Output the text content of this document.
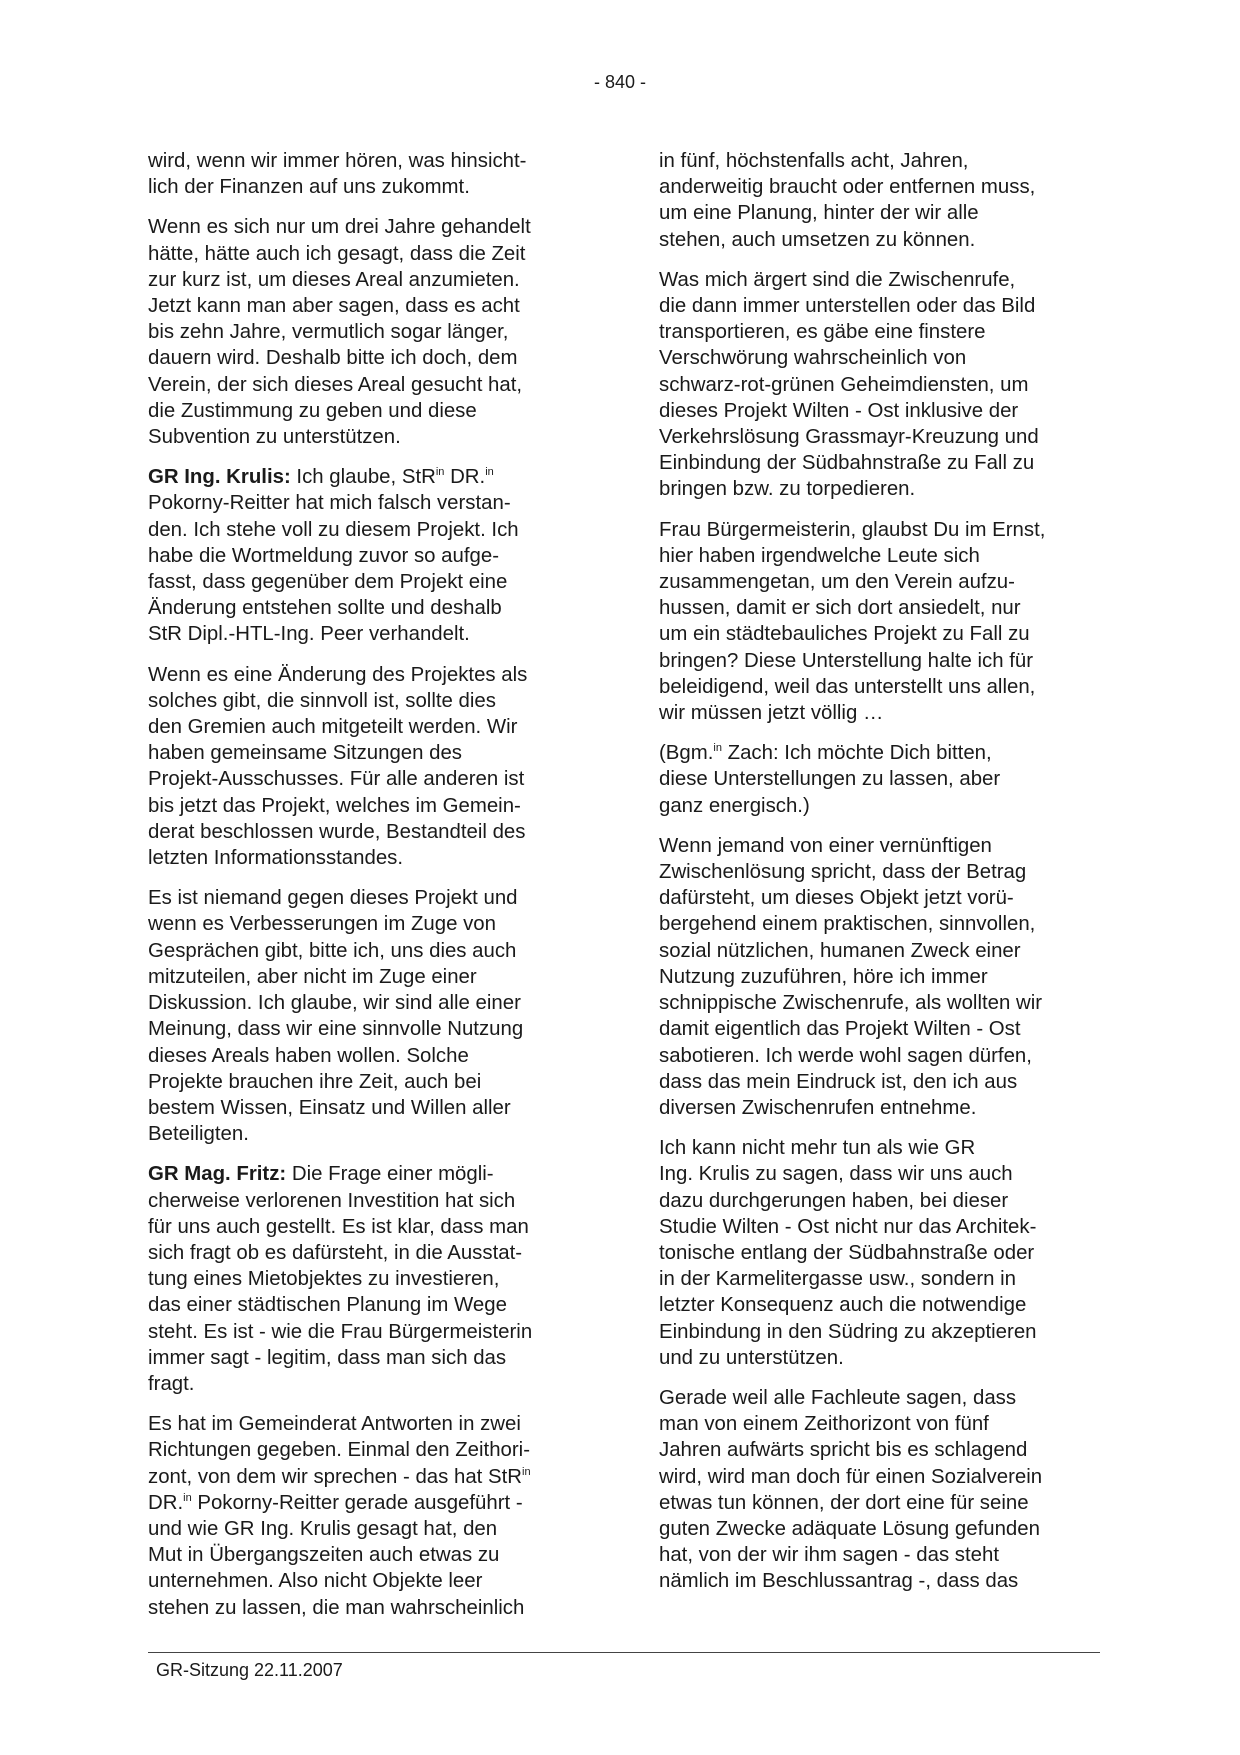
- 840 -
wird, wenn wir immer hören, was hinsicht-
lich der Finanzen auf uns zukommt.
Wenn es sich nur um drei Jahre gehandelt
hätte, hätte auch ich gesagt, dass die Zeit
zur kurz ist, um dieses Areal anzumieten.
Jetzt kann man aber sagen, dass es acht
bis zehn Jahre, vermutlich sogar länger,
dauern wird. Deshalb bitte ich doch, dem
Verein, der sich dieses Areal gesucht hat,
die Zustimmung zu geben und diese
Subvention zu unterstützen.
GR Ing. Krulis: Ich glaube, StR$^{in}$ DR.$^{in}$
Pokorny-Reitter hat mich falsch verstan-
den. Ich stehe voll zu diesem Projekt. Ich
habe die Wortmeldung zuvor so aufge-
fasst, dass gegenüber dem Projekt eine
Änderung entstehen sollte und deshalb
StR Dipl.-HTL-Ing. Peer verhandelt.
Wenn es eine Änderung des Projektes als
solches gibt, die sinnvoll ist, sollte dies
den Gremien auch mitgeteilt werden. Wir
haben gemeinsame Sitzungen des
Projekt-Ausschusses. Für alle anderen ist
bis jetzt das Projekt, welches im Gemein-
derat beschlossen wurde, Bestandteil des
letzten Informationsstandes.
Es ist niemand gegen dieses Projekt und
wenn es Verbesserungen im Zuge von
Gesprächen gibt, bitte ich, uns dies auch
mitzuteilen, aber nicht im Zuge einer
Diskussion. Ich glaube, wir sind alle einer
Meinung, dass wir eine sinnvolle Nutzung
dieses Areals haben wollen. Solche
Projekte brauchen ihre Zeit, auch bei
bestem Wissen, Einsatz und Willen aller
Beteiligten.
GR Mag. Fritz: Die Frage einer mögli-
cherweise verlorenen Investition hat sich
für uns auch gestellt. Es ist klar, dass man
sich fragt ob es dafürsteht, in die Ausstat-
tung eines Mietobjektes zu investieren,
das einer städtischen Planung im Wege
steht. Es ist - wie die Frau Bürgermeisterin
immer sagt - legitim, dass man sich das
fragt.
Es hat im Gemeinderat Antworten in zwei
Richtungen gegeben. Einmal den Zeithori-
zont, von dem wir sprechen - das hat StR$^{in}$
DR.$^{in}$ Pokorny-Reitter gerade ausgeführt -
und wie GR Ing. Krulis gesagt hat, den
Mut in Übergangszeiten auch etwas zu
unternehmen. Also nicht Objekte leer
stehen zu lassen, die man wahrscheinlich
in fünf, höchstenfalls acht, Jahren,
anderweitig braucht oder entfernen muss,
um eine Planung, hinter der wir alle
stehen, auch umsetzen zu können.
Was mich ärgert sind die Zwischenrufe,
die dann immer unterstellen oder das Bild
transportieren, es gäbe eine finstere
Verschwörung wahrscheinlich von
schwarz-rot-grünen Geheimdiensten, um
dieses Projekt Wilten - Ost inklusive der
Verkehrslösung Grassmayr-Kreuzung und
Einbindung der Südbahnstraße zu Fall zu
bringen bzw. zu torpedieren.
Frau Bürgermeisterin, glaubst Du im Ernst,
hier haben irgendwelche Leute sich
zusammengetan, um den Verein aufzu-
hussen, damit er sich dort ansiedelt, nur
um ein städtebauliches Projekt zu Fall zu
bringen? Diese Unterstellung halte ich für
beleidigend, weil das unterstellt uns allen,
wir müssen jetzt völlig …
(Bgm.$^{in}$ Zach: Ich möchte Dich bitten,
diese Unterstellungen zu lassen, aber
ganz energisch.)
Wenn jemand von einer vernünftigen
Zwischenlösung spricht, dass der Betrag
dafürsteht, um dieses Objekt jetzt vorü-
bergehend einem praktischen, sinnvollen,
sozial nützlichen, humanen Zweck einer
Nutzung zuzuführen, höre ich immer
schnippische Zwischenrufe, als wollten wir
damit eigentlich das Projekt Wilten - Ost
sabotieren. Ich werde wohl sagen dürfen,
dass das mein Eindruck ist, den ich aus
diversen Zwischenrufen entnehme.
Ich kann nicht mehr tun als wie GR
Ing. Krulis zu sagen, dass wir uns auch
dazu durchgerungen haben, bei dieser
Studie Wilten - Ost nicht nur das Architek-
tonische entlang der Südbahnstraße oder
in der Karmelitergasse usw., sondern in
letzter Konsequenz auch die notwendige
Einbindung in den Südring zu akzeptieren
und zu unterstützen.
Gerade weil alle Fachleute sagen, dass
man von einem Zeithorizont von fünf
Jahren aufwärts spricht bis es schlagend
wird, wird man doch für einen Sozialverein
etwas tun können, der dort eine für seine
guten Zwecke adäquate Lösung gefunden
hat, von der wir ihm sagen - das steht
nämlich im Beschlussantrag -, dass das
GR-Sitzung 22.11.2007
